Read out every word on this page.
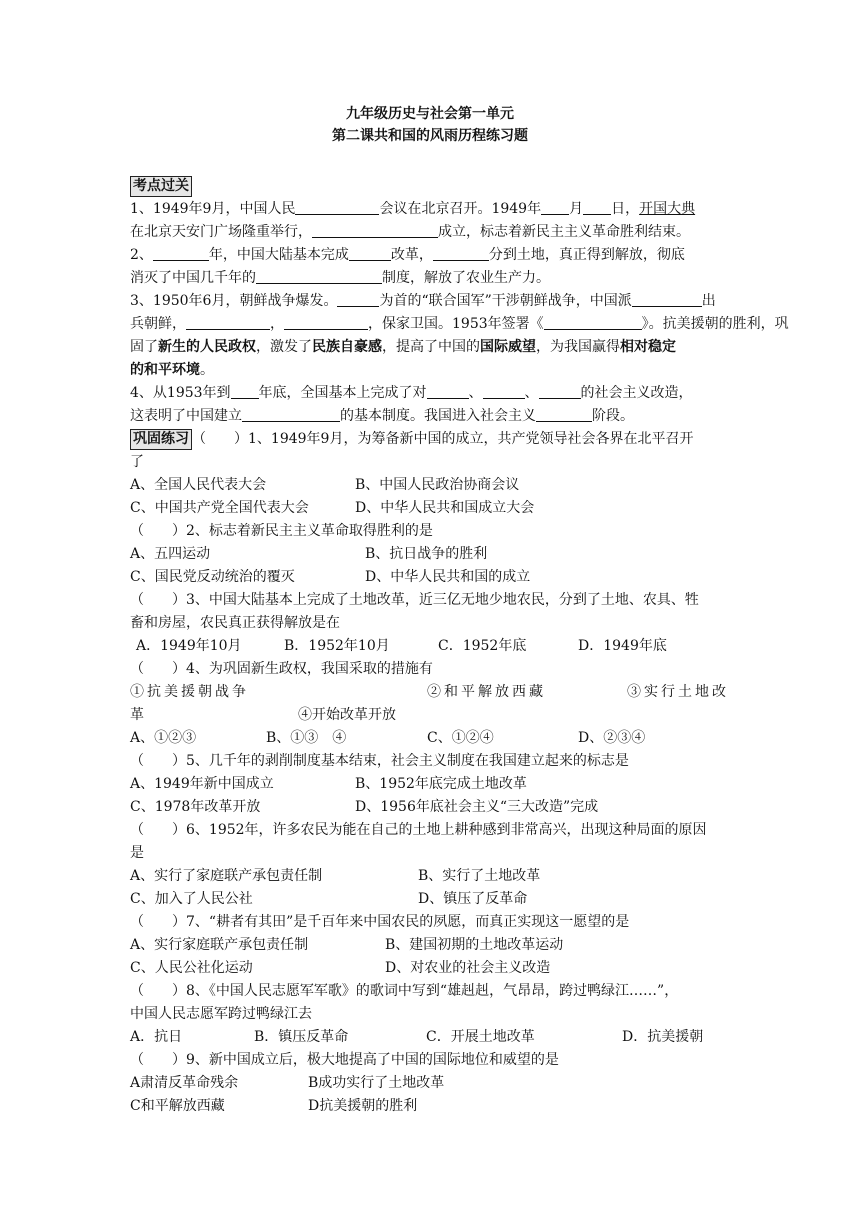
九年级历史与社会第一单元
第二课共和国的风雨历程练习题
考点过关
1、1949年9月，中国人民	会议在北京召开。1949年 月 日，开国大典
在北京天安门广场隆重举行，	成立，标志着新民主主义革命胜利结束。
2、	年，中国大陆基本完成	改革，	分到土地，真正得到解放，彻底
消灭了中国几千年的	制度，解放了农业生产力。
3、1950年6月，朝鲜战争爆发。	为首的“联合国军”干涉朝鲜战争，中国派	出
兵朝鲜，	，	，保家卫国。1953年签署《	》。抗美援朝的胜利，巩
固了新生的人民政权，激发了民族自豪感，提高了中国的国际威望，为我国赢得相对稳定
的和平环境。
4、从1953年到 年底，全国基本上完成了对	、	、	的社会主义改造，
这表明了中国建立	的基本制度。我国进入社会主义	阶段。
巩固练习 （　　）1、1949年9月，为筹备新中国的成立，共产党领导社会各界在北平召开
了
A、全国人民代表大会	B、中国人民政治协商会议
C、中国共产党全国代表大会	D、中华人民共和国成立大会
（　　）2、标志着新民主主义革命取得胜利的是
A、五四运动	B、抗日战争的胜利
C、国民党反动统治的覆灭	D、中华人民共和国的成立
（　　）3、中国大陆基本上完成了土地改革，近三亿无地少地农民，分到了土地、农具、牲
畜和房屋，农民真正获得解放是在
A．1949年10月	B．1952年10月	C．1952年底	D．1949年底
（　　）4、为巩固新生政权，我国采取的措施有
①抗美援朝战争	②和平解放西藏	③实行土地改
革	④开始改革开放
A、①②③	B、①③　④	C、①②④	D、②③④
（　　）5、几千年的剥削制度基本结束，社会主义制度在我国建立起来的标志是
A、1949年新中国成立	B、1952年底完成土地改革
C、1978年改革开放	D、1956年底社会主义“三大改造”完成
（　　）6、1952年，许多农民为能在自己的土地上耕种感到非常高兴，出现这种局面的原因
是
A、实行了家庭联产承包责任制	B、实行了土地改革
C、加入了人民公社	D、镇压了反革命
（　　）7、“耕者有其田”是千百年来中国农民的夙愿，而真正实现这一愿望的是
A、实行家庭联产承包责任制	B、建国初期的土地改革运动
C、人民公社化运动	D、对农业的社会主义改造
（　　）8、《中国人民志愿军军歌》的歌词中写到“雄赳赳，气昂昂，跨过鸭绿江……”，
中国人民志愿军跨过鸭绿江去
A．抗日	B．镇压反革命	C．开展土地改革	D．抗美援朝
（　　）9、新中国成立后，极大地提高了中国的国际地位和威望的是
A肃清反革命残余	B成功实行了土地改革
C和平解放西藏	D抗美援朝的胜利
